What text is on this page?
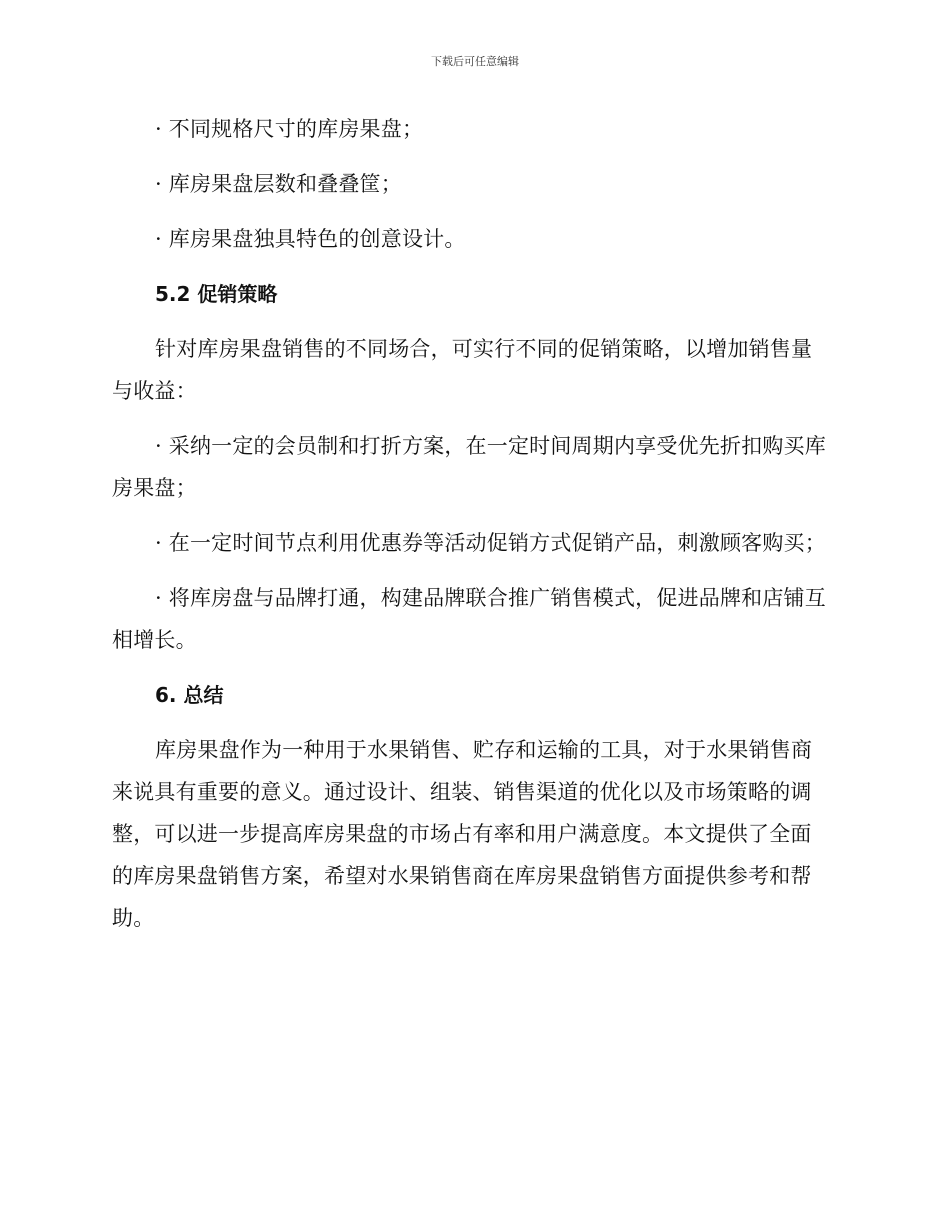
下载后可任意编辑

· 不同规格尺寸的库房果盘；

· 库房果盘层数和叠叠筐；

· 库房果盘独具特色的创意设计。

5.2 促销策略

针对库房果盘销售的不同场合，可实行不同的促销策略，以增加销售量与收益：

· 采纳一定的会员制和打折方案，在一定时间周期内享受优先折扣购买库房果盘；

· 在一定时间节点利用优惠券等活动促销方式促销产品，刺激顾客购买；

· 将库房盘与品牌打通，构建品牌联合推广销售模式，促进品牌和店铺互相增长。

6. 总结

库房果盘作为一种用于水果销售、贮存和运输的工具，对于水果销售商来说具有重要的意义。通过设计、组装、销售渠道的优化以及市场策略的调整，可以进一步提高库房果盘的市场占有率和用户满意度。本文提供了全面的库房果盘销售方案，希望对水果销售商在库房果盘销售方面提供参考和帮助。
